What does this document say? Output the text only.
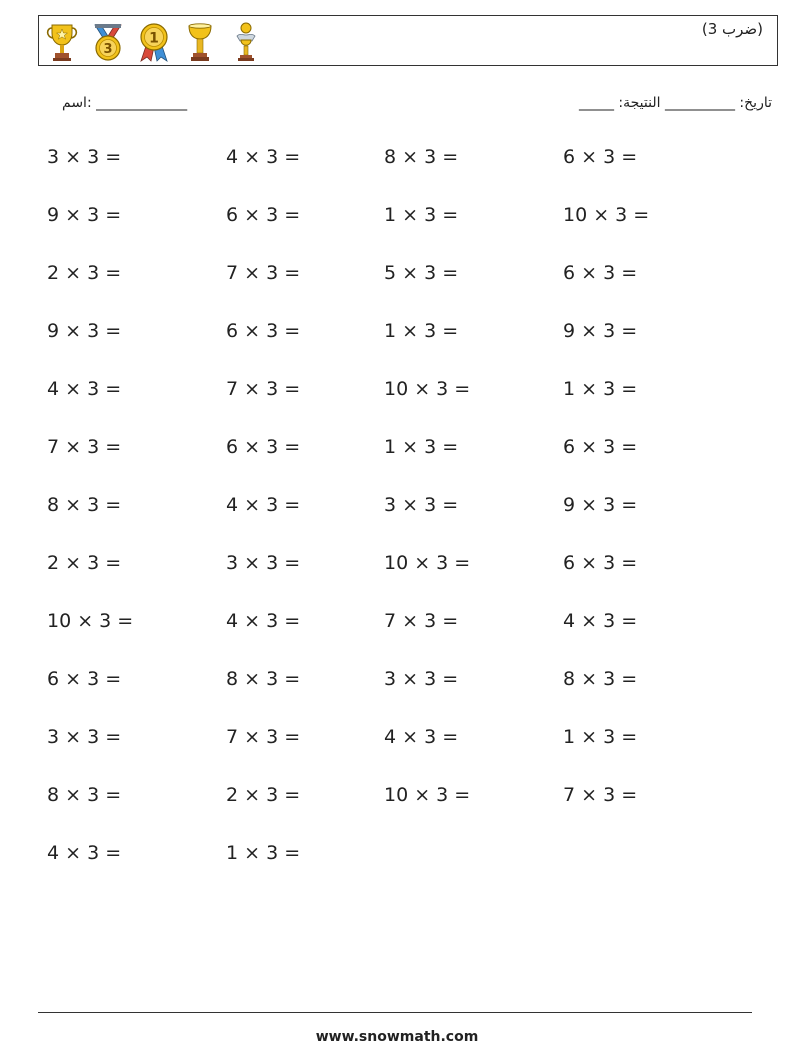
3
1
(ضرب 3)
اسم: _____________	_____ :تاريخ: __________ النتيجة
3 × 3 =	4 × 3 =	8 × 3 =	6 × 3 =
9 × 3 =	6 × 3 =	1 × 3 =	10 × 3 =
2 × 3 =	7 × 3 =	5 × 3 =	6 × 3 =
9 × 3 =	6 × 3 =	1 × 3 =	9 × 3 =
4 × 3 =	7 × 3 =	10 × 3 =	1 × 3 =
7 × 3 =	6 × 3 =	1 × 3 =	6 × 3 =
8 × 3 =	4 × 3 =	3 × 3 =	9 × 3 =
2 × 3 =	3 × 3 =	10 × 3 =	6 × 3 =
10 × 3 =	4 × 3 =	7 × 3 =	4 × 3 =
6 × 3 =	8 × 3 =	3 × 3 =	8 × 3 =
3 × 3 =	7 × 3 =	4 × 3 =	1 × 3 =
8 × 3 =	2 × 3 =	10 × 3 =	7 × 3 =
4 × 3 =	1 × 3 =
www.snowmath.com
